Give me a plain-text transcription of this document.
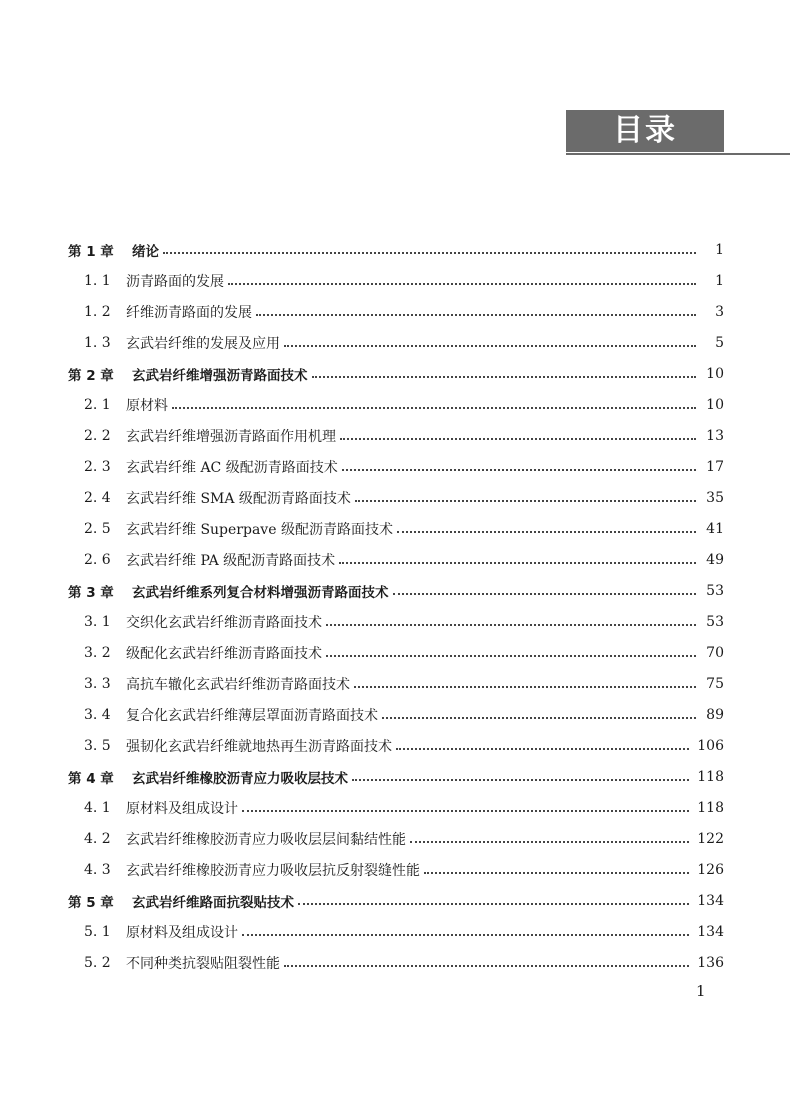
目录
第 1 章	绪论	1
1. 1	沥青路面的发展	1
1. 2	纤维沥青路面的发展	3
1. 3	玄武岩纤维的发展及应用	5
第 2 章	玄武岩纤维增强沥青路面技术	10
2. 1	原材料	10
2. 2	玄武岩纤维增强沥青路面作用机理	13
2. 3	玄武岩纤维 AC 级配沥青路面技术	17
2. 4	玄武岩纤维 SMA 级配沥青路面技术	35
2. 5	玄武岩纤维 Superpave 级配沥青路面技术	41
2. 6	玄武岩纤维 PA 级配沥青路面技术	49
第 3 章	玄武岩纤维系列复合材料增强沥青路面技术	53
3. 1	交织化玄武岩纤维沥青路面技术	53
3. 2	级配化玄武岩纤维沥青路面技术	70
3. 3	高抗车辙化玄武岩纤维沥青路面技术	75
3. 4	复合化玄武岩纤维薄层罩面沥青路面技术	89
3. 5	强韧化玄武岩纤维就地热再生沥青路面技术	106
第 4 章	玄武岩纤维橡胶沥青应力吸收层技术	118
4. 1	原材料及组成设计	118
4. 2	玄武岩纤维橡胶沥青应力吸收层层间黏结性能	122
4. 3	玄武岩纤维橡胶沥青应力吸收层抗反射裂缝性能	126
第 5 章	玄武岩纤维路面抗裂贴技术	134
5. 1	原材料及组成设计	134
5. 2	不同种类抗裂贴阻裂性能	136
1
